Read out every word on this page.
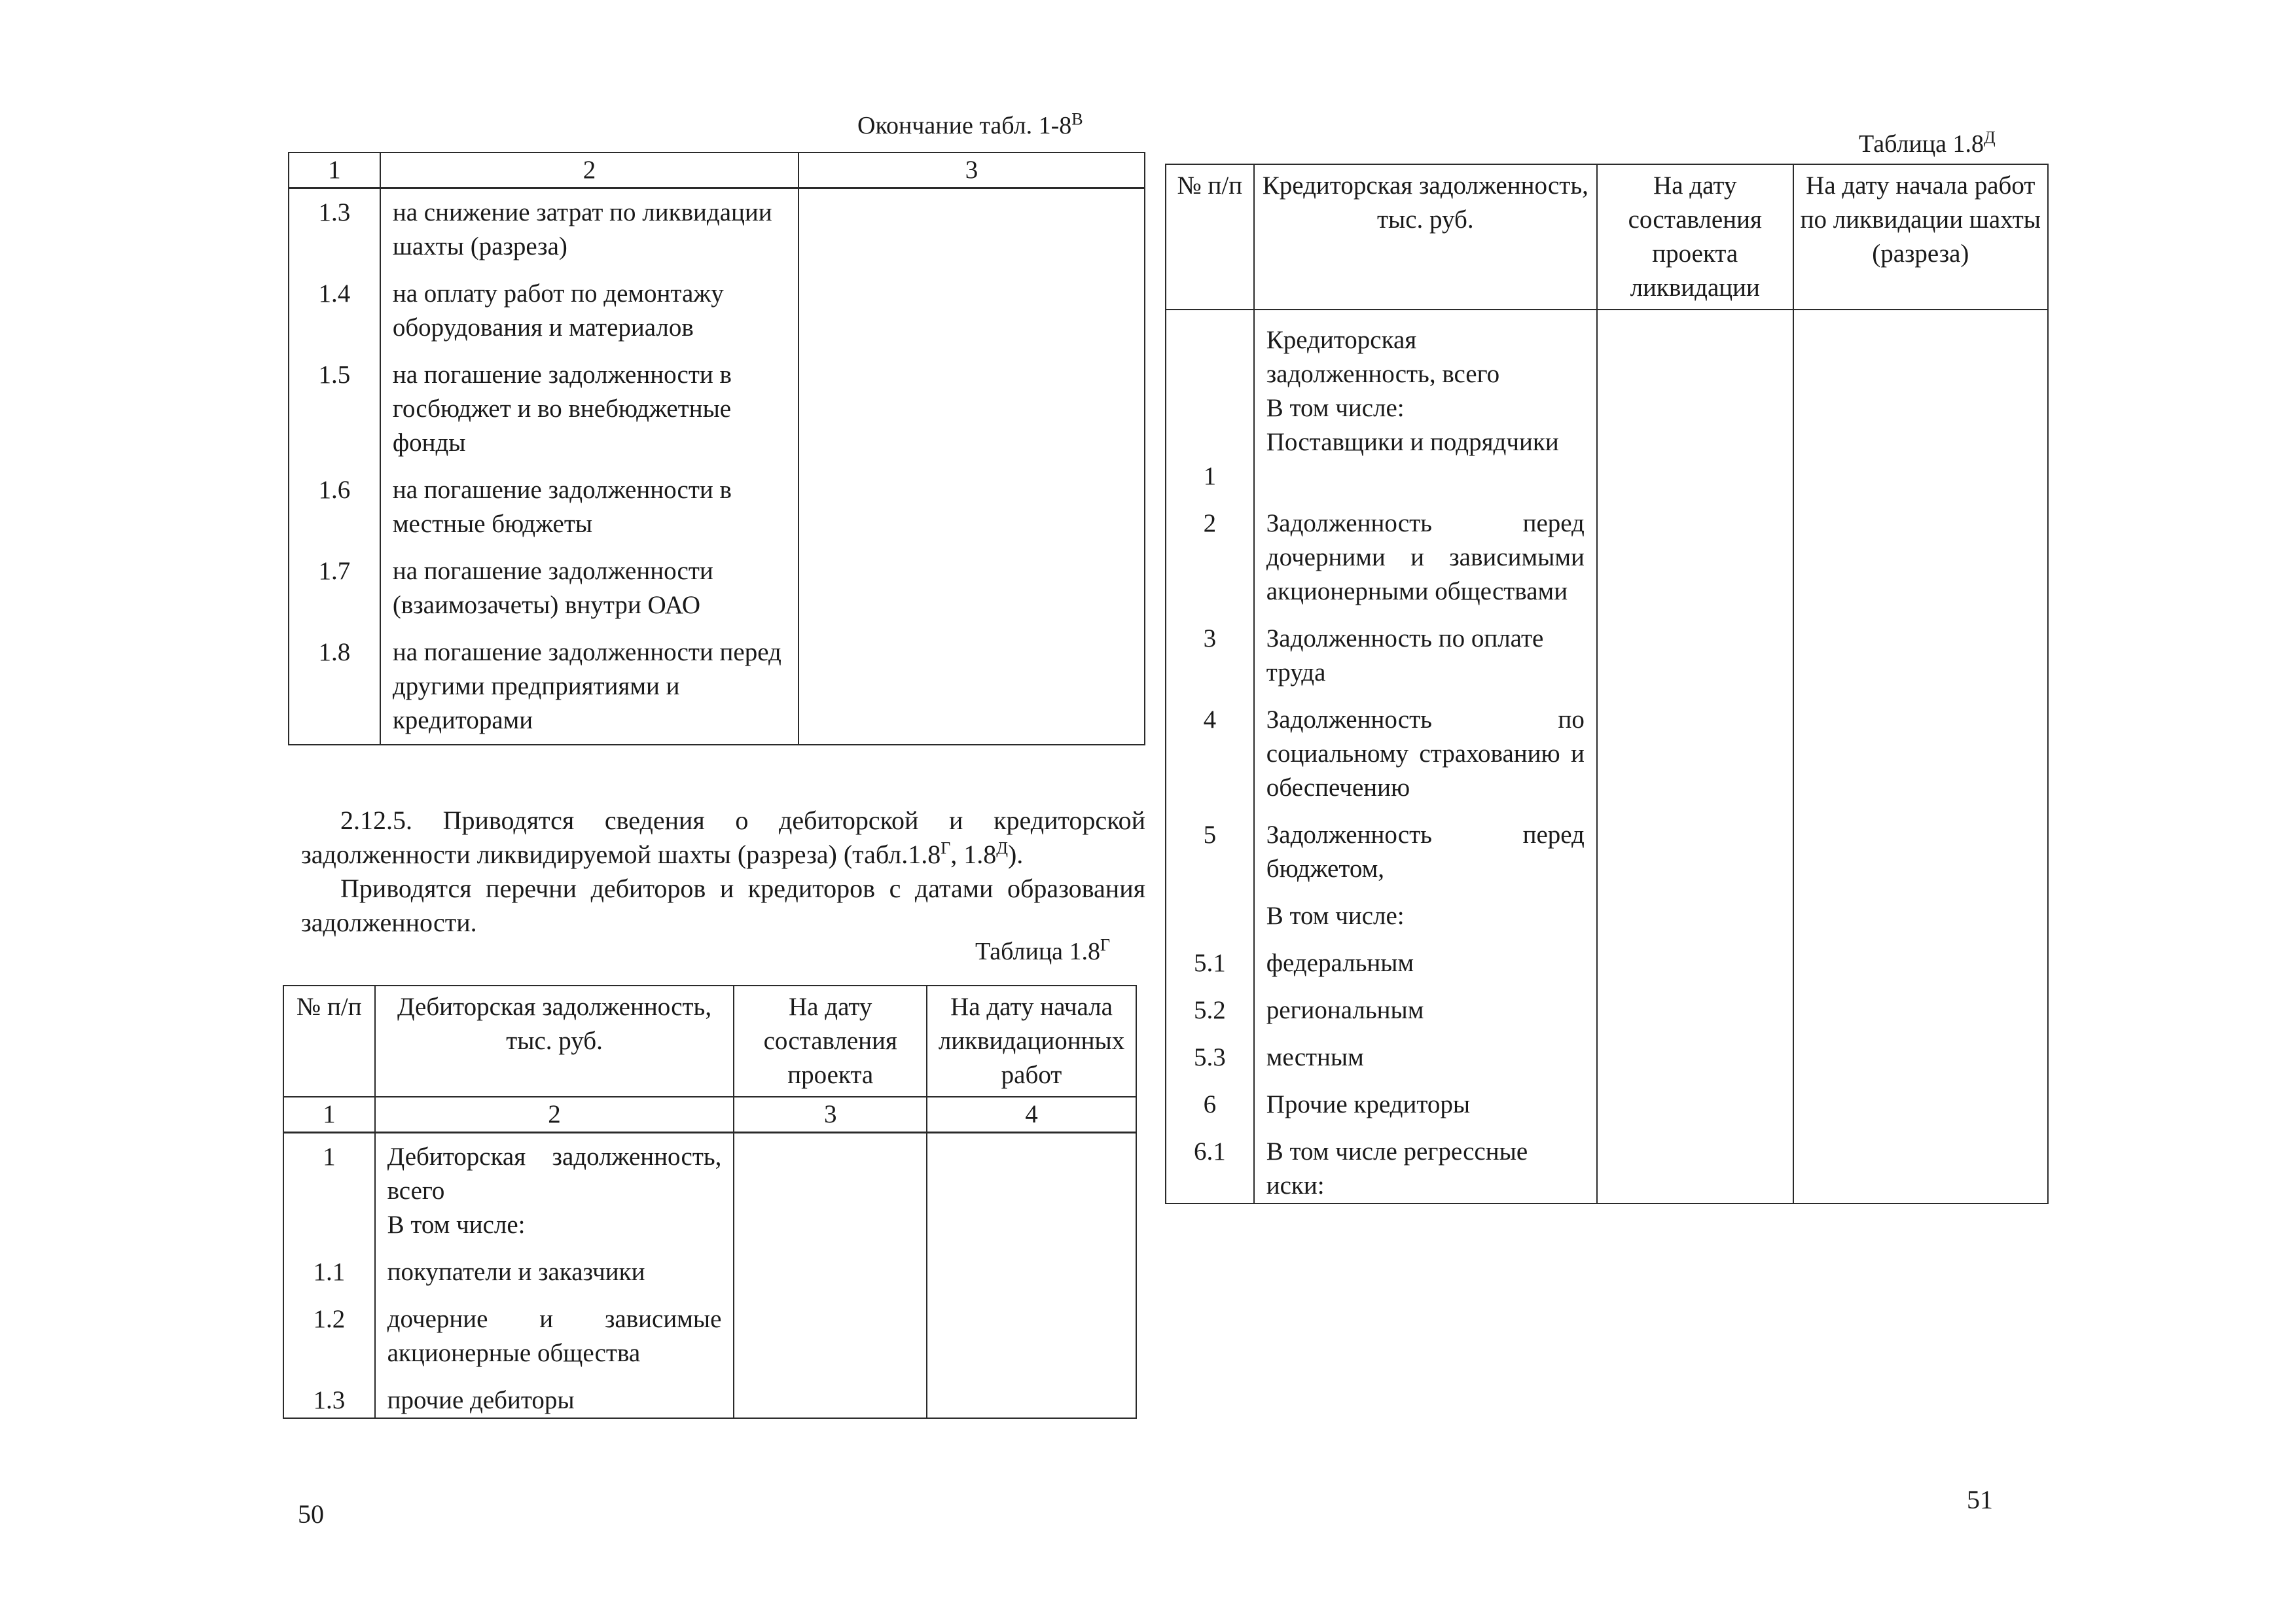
Окончание табл. $1-8^В$
1	2	3
1.3	на снижение затрат по ликвидации шахты (разреза)	
1.4	на оплату работ по демонтажу оборудования и материалов	
1.5	на погашение задолженности в госбюджет и во внебюджетные фонды	
1.6	на погашение задолженности в местные бюджеты	
1.7	на погашение задолженности (взаимозачеты) внутри ОАО	
1.8	на погашение задолженности перед другими предприятиями и кредиторами	

2.12.5. Приводятся сведения о дебиторской и кредиторской задолженности ликвидируемой шахты (разреза) ($табл.1.8^Г$, $1.8^Д$).

Приводятся перечни дебиторов и кредиторов с датами образования задолженности.

Таблица $1.8^Г$
№ п/п	Дебиторская задолженность, тыс. руб.	На дату составления проекта	На дату начала ликвидационных работ
1	2	3	4
1	Дебиторская задолженность, всего		
	В том числе:		
1.1	покупатели и заказчики		
1.2	дочерние и зависимые акционерные общества		
1.3	прочие дебиторы		
50
Таблица $1.8^Д$
№ п/п	Кредиторская задолженность, тыс. руб.	На дату составления проекта ликвидации	На дату начала работ по ликвидации шахты (разреза)
	Кредиторская задолженность, всего		
	В том числе:		
1	Поставщики и подрядчики		
2	Задолженность перед дочерними и зависимыми акционерными обществами		
3	Задолженность по оплате труда		
4	Задолженность по социальному страхованию и обеспечению		
5	Задолженность перед бюджетом,		
	В том числе:		
5.1	федеральным		
5.2	региональным		
5.3	местным		
6	Прочие кредиторы		
6.1	В том числе регрессные иски:		
51
